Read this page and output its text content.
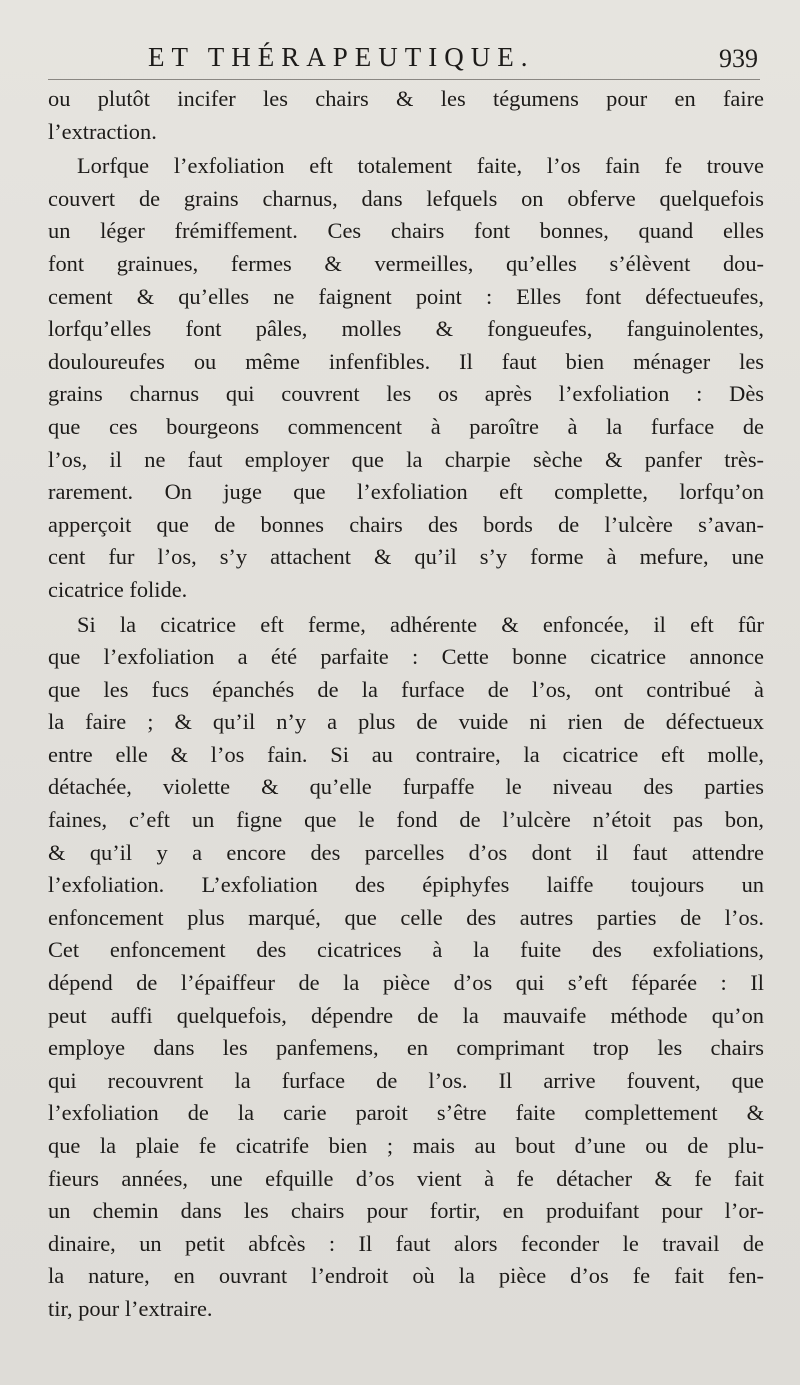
ET THÉRAPEUTIQUE.	939
ou plutôt incifer les chairs & les tégumens pour en faire
l’extraction.
Lorfque l’exfoliation eft totalement faite, l’os fain fe trouve
couvert de grains charnus, dans lefquels on obferve quelquefois
un léger frémiffement. Ces chairs font bonnes, quand elles
font grainues, fermes & vermeilles, qu’elles s’élèvent dou-
cement & qu’elles ne faignent point : Elles font défectueufes,
lorfqu’elles font pâles, molles & fongueufes, fanguinolentes,
douloureufes ou même infenfibles. Il faut bien ménager les
grains charnus qui couvrent les os après l’exfoliation : Dès
que ces bourgeons commencent à paroître à la furface de
l’os, il ne faut employer que la charpie sèche & panfer très-
rarement. On juge que l’exfoliation eft complette, lorfqu’on
apperçoit que de bonnes chairs des bords de l’ulcère s’avan-
cent fur l’os, s’y attachent & qu’il s’y forme à mefure, une
cicatrice folide.
Si la cicatrice eft ferme, adhérente & enfoncée, il eft fûr
que l’exfoliation a été parfaite : Cette bonne cicatrice annonce
que les fucs épanchés de la furface de l’os, ont contribué à
la faire ; & qu’il n’y a plus de vuide ni rien de défectueux
entre elle & l’os fain. Si au contraire, la cicatrice eft molle,
détachée, violette & qu’elle furpaffe le niveau des parties
faines, c’eft un figne que le fond de l’ulcère n’étoit pas bon,
& qu’il y a encore des parcelles d’os dont il faut attendre
l’exfoliation. L’exfoliation des épiphyfes laiffe toujours un
enfoncement plus marqué, que celle des autres parties de l’os.
Cet enfoncement des cicatrices à la fuite des exfoliations,
dépend de l’épaiffeur de la pièce d’os qui s’eft féparée : Il
peut auffi quelquefois, dépendre de la mauvaife méthode qu’on
employe dans les panfemens, en comprimant trop les chairs
qui recouvrent la furface de l’os. Il arrive fouvent, que
l’exfoliation de la carie paroit s’être faite complettement &
que la plaie fe cicatrife bien ; mais au bout d’une ou de plu-
fieurs années, une efquille d’os vient à fe détacher & fe fait
un chemin dans les chairs pour fortir, en produifant pour l’or-
dinaire, un petit abfcès : Il faut alors feconder le travail de
la nature, en ouvrant l’endroit où la pièce d’os fe fait fen-
tir, pour l’extraire.
